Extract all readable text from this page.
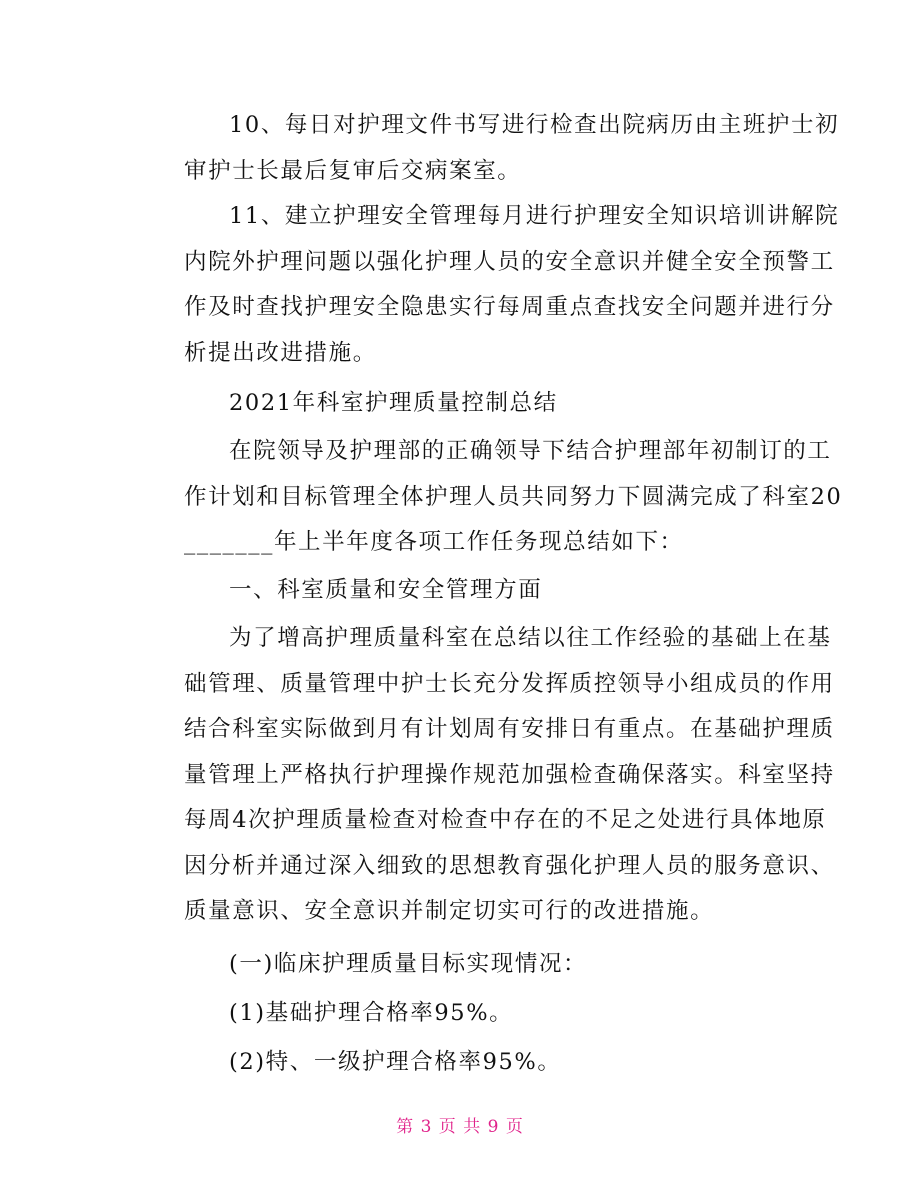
10、每日对护理文件书写进行检查出院病历由主班护士初
审护士长最后复审后交病案室。
11、建立护理安全管理每月进行护理安全知识培训讲解院
内院外护理问题以强化护理人员的安全意识并健全安全预警工
作及时查找护理安全隐患实行每周重点查找安全问题并进行分
析提出改进措施。
2021年科室护理质量控制总结
在院领导及护理部的正确领导下结合护理部年初制订的工
作计划和目标管理全体护理人员共同努力下圆满完成了科室20
_______年上半年度各项工作任务现总结如下：
一、科室质量和安全管理方面
为了增高护理质量科室在总结以往工作经验的基础上在基
础管理、质量管理中护士长充分发挥质控领导小组成员的作用
结合科室实际做到月有计划周有安排日有重点。在基础护理质
量管理上严格执行护理操作规范加强检查确保落实。科室坚持
每周4次护理质量检查对检查中存在的不足之处进行具体地原
因分析并通过深入细致的思想教育强化护理人员的服务意识、
质量意识、安全意识并制定切实可行的改进措施。
(一)临床护理质量目标实现情况：
(1)基础护理合格率95%。
(2)特、一级护理合格率95%。
第 3 页 共 9 页
